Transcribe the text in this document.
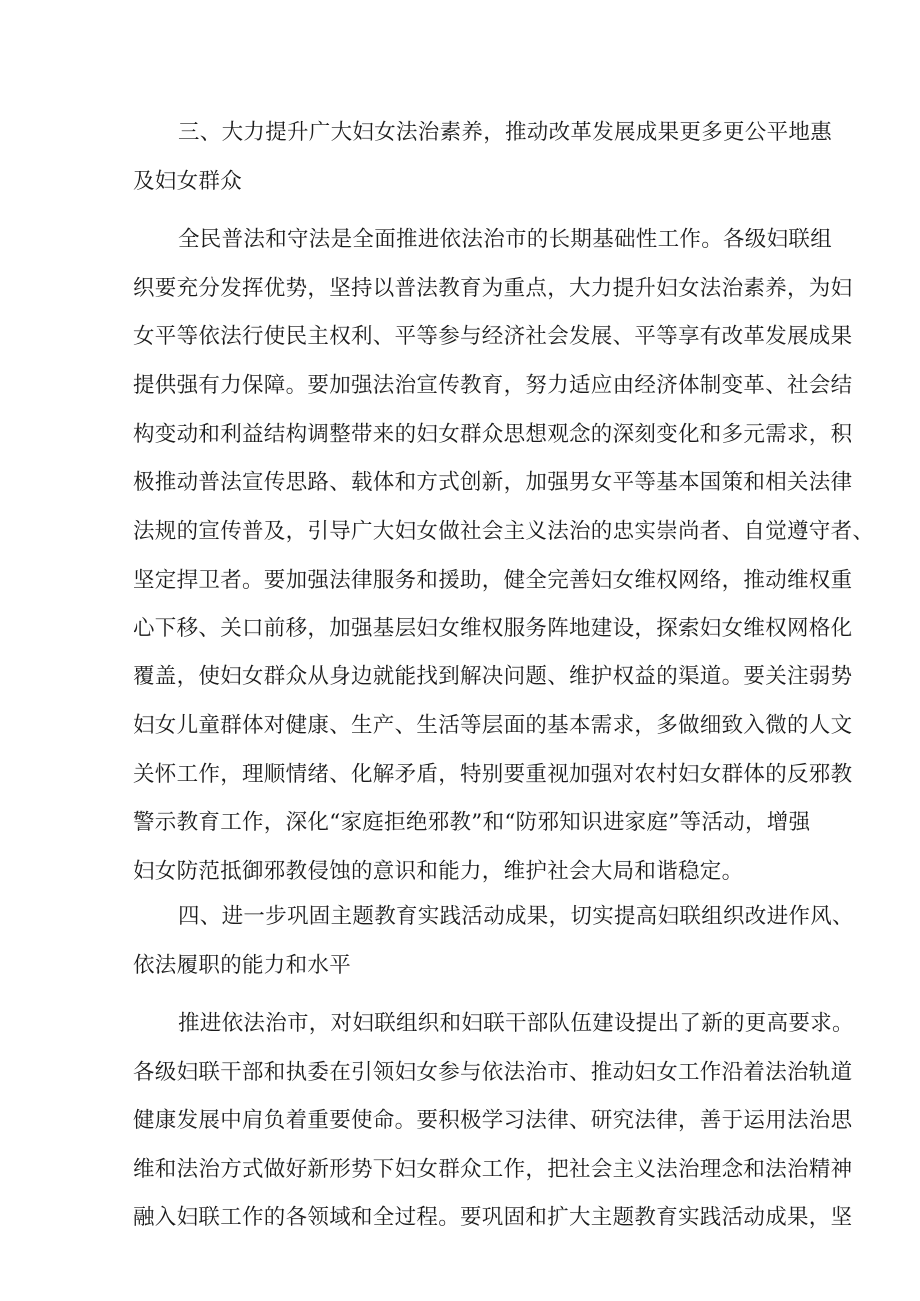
三、大力提升广大妇女法治素养，推动改革发展成果更多更公平地惠
及妇女群众
全民普法和守法是全面推进依法治市的长期基础性工作。各级妇联组
织要充分发挥优势，坚持以普法教育为重点，大力提升妇女法治素养，为妇
女平等依法行使民主权利、平等参与经济社会发展、平等享有改革发展成果
提供强有力保障。要加强法治宣传教育，努力适应由经济体制变革、社会结
构变动和利益结构调整带来的妇女群众思想观念的深刻变化和多元需求，积
极推动普法宣传思路、载体和方式创新，加强男女平等基本国策和相关法律
法规的宣传普及，引导广大妇女做社会主义法治的忠实崇尚者、自觉遵守者、
坚定捍卫者。要加强法律服务和援助，健全完善妇女维权网络，推动维权重
心下移、关口前移，加强基层妇女维权服务阵地建设，探索妇女维权网格化
覆盖，使妇女群众从身边就能找到解决问题、维护权益的渠道。要关注弱势
妇女儿童群体对健康、生产、生活等层面的基本需求，多做细致入微的人文
关怀工作，理顺情绪、化解矛盾，特别要重视加强对农村妇女群体的反邪教
警示教育工作，深化“家庭拒绝邪教”和“防邪知识进家庭”等活动，增强
妇女防范抵御邪教侵蚀的意识和能力，维护社会大局和谐稳定。
四、进一步巩固主题教育实践活动成果，切实提高妇联组织改进作风、
依法履职的能力和水平
推进依法治市，对妇联组织和妇联干部队伍建设提出了新的更高要求。
各级妇联干部和执委在引领妇女参与依法治市、推动妇女工作沿着法治轨道
健康发展中肩负着重要使命。要积极学习法律、研究法律，善于运用法治思
维和法治方式做好新形势下妇女群众工作，把社会主义法治理念和法治精神
融入妇联工作的各领域和全过程。要巩固和扩大主题教育实践活动成果，坚
